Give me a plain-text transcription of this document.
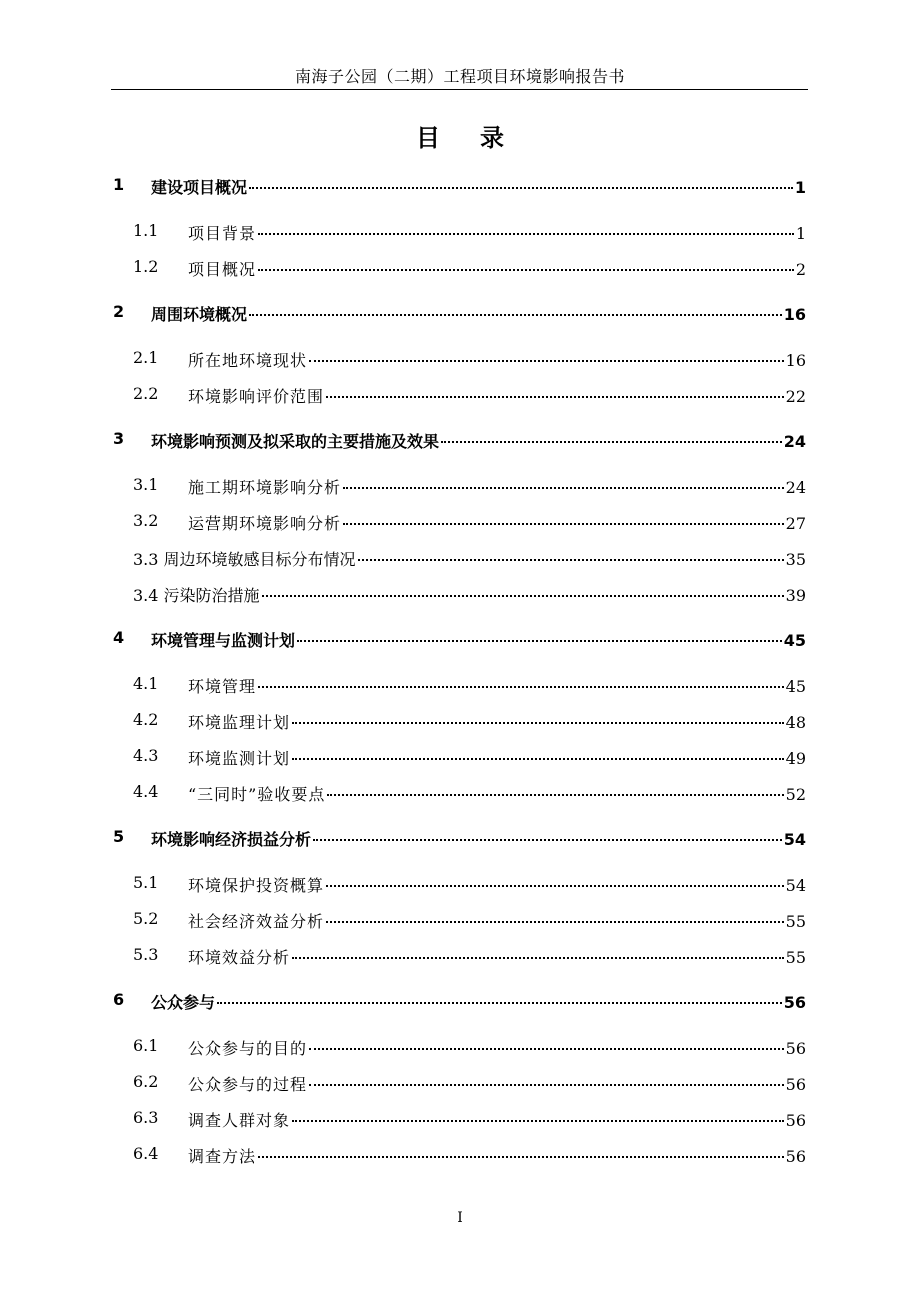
南海子公园（二期）工程项目环境影响报告书
目 录
1 建设项目概况	1
1.1 项目背景	1
1.2 项目概况	2
2 周围环境概况	16
2.1 所在地环境现状	16
2.2 环境影响评价范围	22
3 环境影响预测及拟采取的主要措施及效果	24
3.1 施工期环境影响分析	24
3.2 运营期环境影响分析	27
3.3 周边环境敏感目标分布情况	35
3.4 污染防治措施	39
4 环境管理与监测计划	45
4.1 环境管理	45
4.2 环境监理计划	48
4.3 环境监测计划	49
4.4 “三同时”验收要点	52
5 环境影响经济损益分析	54
5.1 环境保护投资概算	54
5.2 社会经济效益分析	55
5.3 环境效益分析	55
6 公众参与	56
6.1 公众参与的目的	56
6.2 公众参与的过程	56
6.3 调查人群对象	56
6.4 调查方法	56
I
